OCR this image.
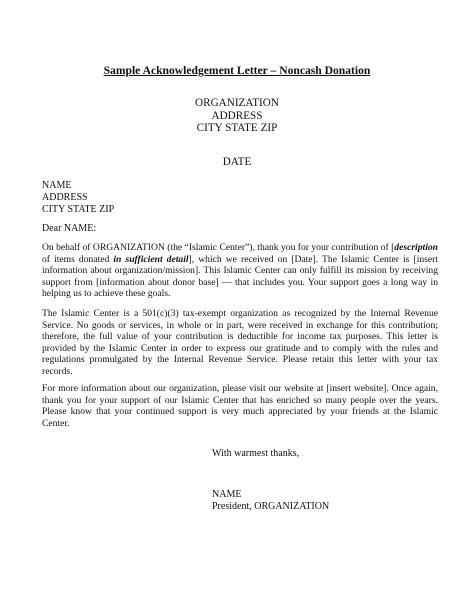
Sample Acknowledgement Letter – Noncash Donation
ORGANIZATION
ADDRESS
CITY STATE ZIP
DATE
NAME
ADDRESS
CITY STATE ZIP
Dear NAME:
On behalf of ORGANIZATION (the “Islamic Center”), thank you for your contribution of [description of items donated in sufficient detail], which we received on [Date]. The Islamic Center is [insert information about organization/mission]. This Islamic Center can only fulfill its mission by receiving support from [information about donor base] — that includes you. Your support goes a long way in helping us to achieve these goals.
The Islamic Center is a 501(c)(3) tax-exempt organization as recognized by the Internal Revenue Service. No goods or services, in whole or in part, were received in exchange for this contribution; therefore, the full value of your contribution is deductible for income tax purposes. This letter is provided by the Islamic Center in order to express our gratitude and to comply with the rules and regulations promulgated by the Internal Revenue Service. Please retain this letter with your tax records.
For more information about our organization, please visit our website at [insert website]. Once again, thank you for your support of our Islamic Center that has enriched so many people over the years. Please know that your continued support is very much appreciated by your friends at the Islamic Center.
With warmest thanks,
NAME
President, ORGANIZATION
